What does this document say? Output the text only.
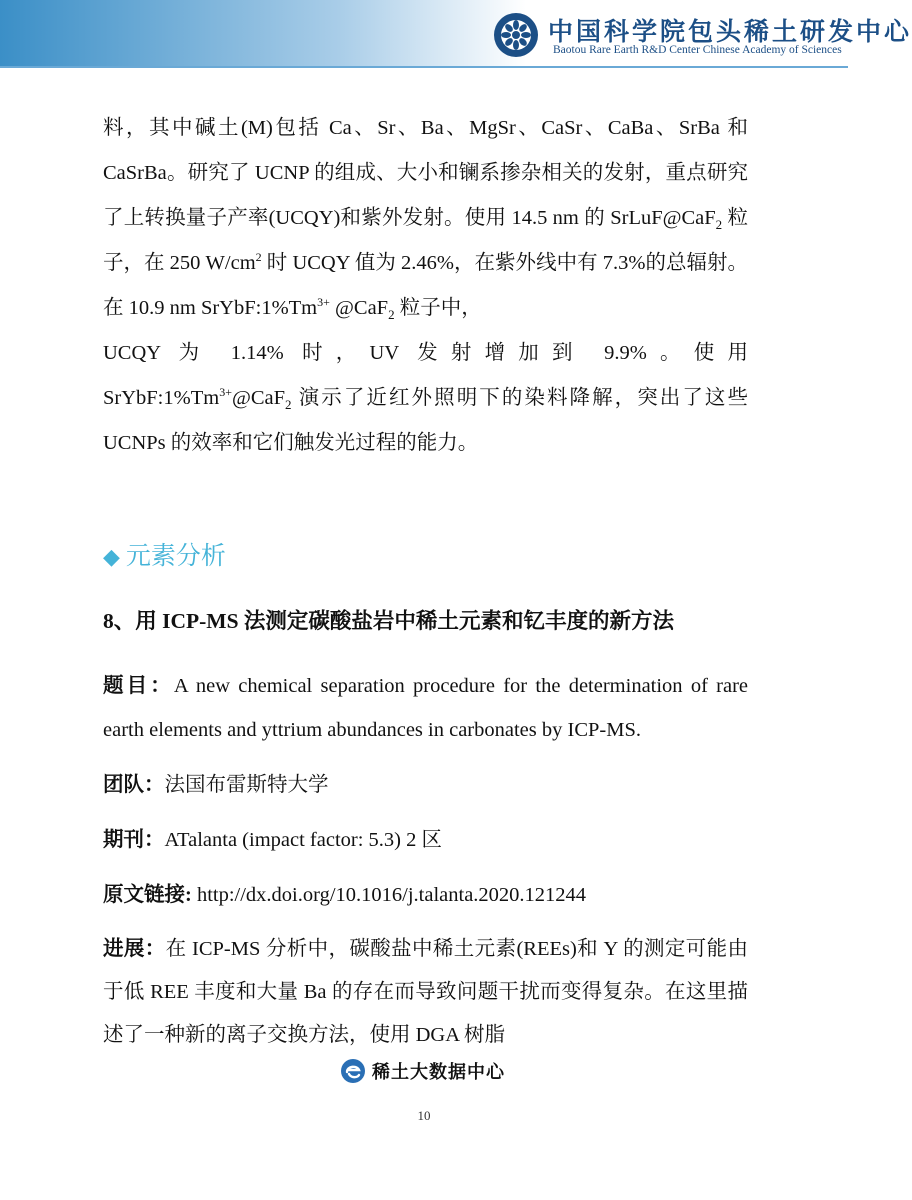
中国科学院包头稀土研发中心
Baotou Rare Earth R&D Center Chinese Academy of Sciences

料，其中碱土(M)包括 Ca、Sr、Ba、MgSr、CaSr、CaBa、SrBa 和 CaSrBa。研究了 UCNP 的组成、大小和镧系掺杂相关的发射，重点研究了上转换量子产率(UCQY)和紫外发射。使用 14.5 nm 的 SrLuF@CaF$_2$ 粒子，在 250 $W/cm^2$ 时 UCQY 值为 2.46%，在紫外线中有 7.3%的总辐射。在 10.9 nm $SrYbF:1\%Tm^{3+}$ @CaF$_2$ 粒子中，

UCQY 为 1.14% 时，UV 发射增加到 9.9%。使用

$SrYbF:1\%Tm^{3+}@CaF_2$ 演示了近红外照明下的染料降解，突出了这些 UCNPs 的效率和它们触发光过程的能力。

◆ 元素分析
8、用 ICP-MS 法测定碳酸盐岩中稀土元素和钇丰度的新方法

题目：A new chemical separation procedure for the determination of rare earth elements and yttrium abundances in carbonates by ICP-MS.

团队：法国布雷斯特大学

期刊：ATalanta (impact factor: 5.3) 2 区

原文链接: http://dx.doi.org/10.1016/j.talanta.2020.121244

进展：在 ICP-MS 分析中，碳酸盐中稀土元素(REEs)和 Y 的测定可能由于低 REE 丰度和大量 Ba 的存在而导致问题干扰而变得复杂。在这里描述了一种新的离子交换方法，使用 DGA 树脂

稀土大数据中心
10
